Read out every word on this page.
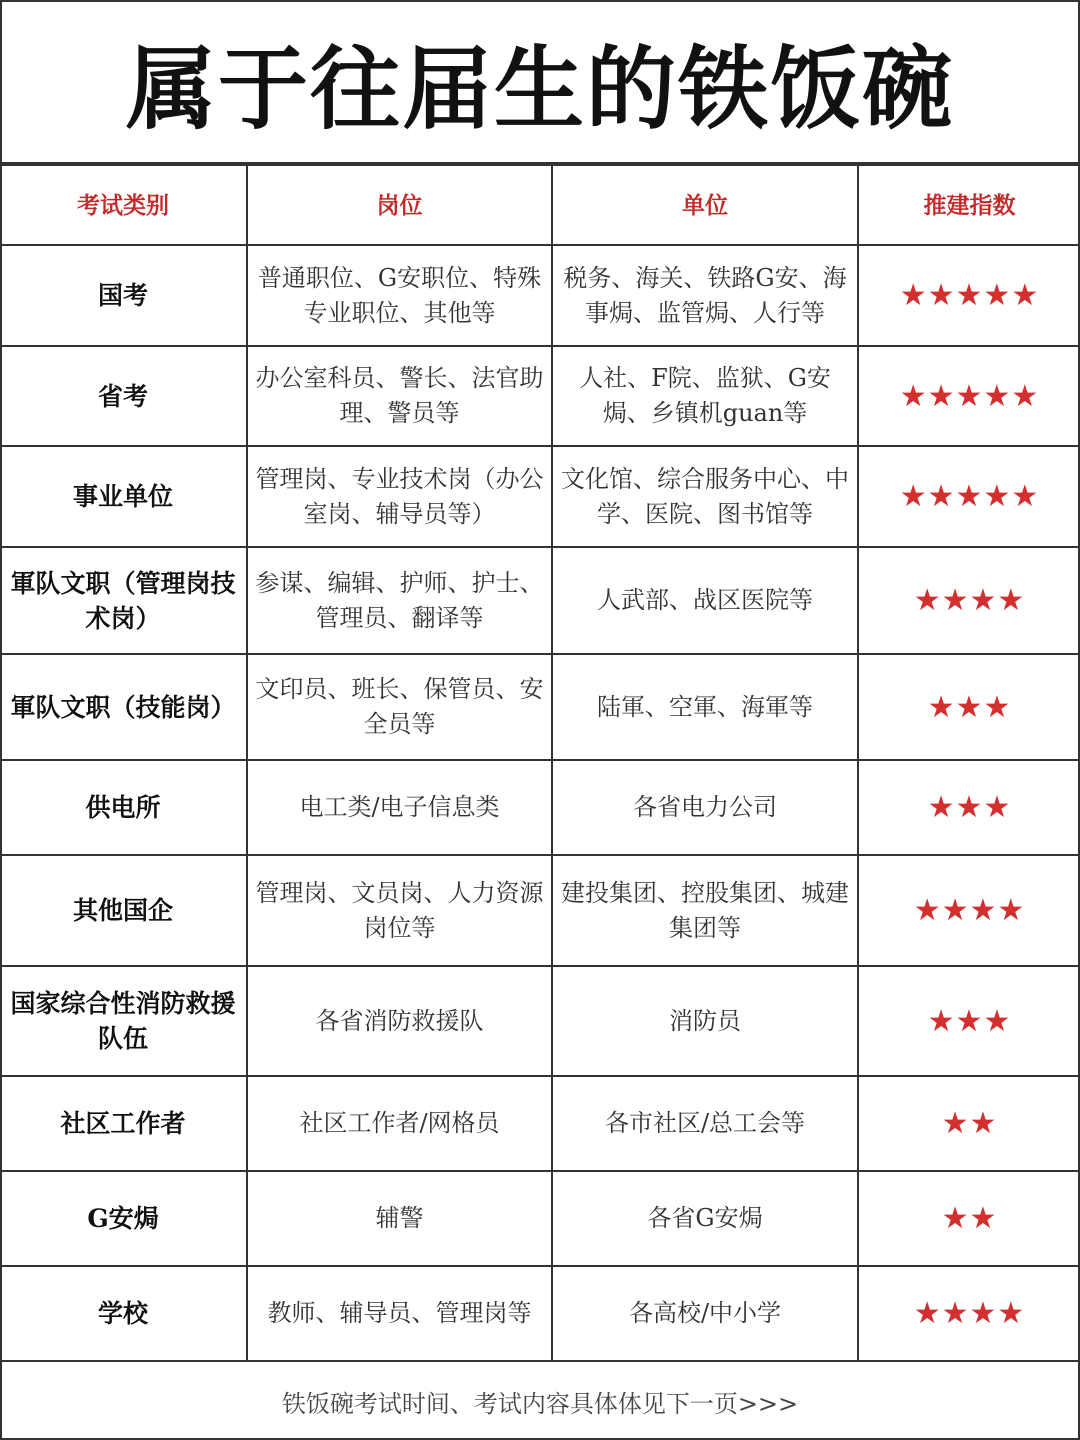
属于往届生的铁饭碗
考试类别	岗位	单位	推建指数
国考	普通职位、G安职位、特殊专业职位、其他等	税务、海关、铁路G安、海事焗、监管焗、人行等	★★★★★
省考	办公室科员、警长、法官助理、警员等	人社、F院、监狱、G安焗、乡镇机guan等	★★★★★
事业单位	管理岗、专业技术岗（办公室岗、辅导员等）	文化馆、综合服务中心、中学、医院、图书馆等	★★★★★
軍队文职（管理岗技术岗）	参谋、编辑、护师、护士、管理员、翻译等	人武部、战区医院等	★★★★
軍队文职（技能岗）	文印员、班长、保管员、安全员等	陆軍、空軍、海軍等	★★★
供电所	电工类/电子信息类	各省电力公司	★★★
其他国企	管理岗、文员岗、人力资源岗位等	建投集团、控股集团、城建集团等	★★★★
国家综合性消防救援队伍	各省消防救援队	消防员	★★★
社区工作者	社区工作者/网格员	各市社区/总工会等	★★
G安焗	辅警	各省G安焗	★★
学校	教师、辅导员、管理岗等	各高校/中小学	★★★★
铁饭碗考试时间、考试内容具体体见下一页>>>
